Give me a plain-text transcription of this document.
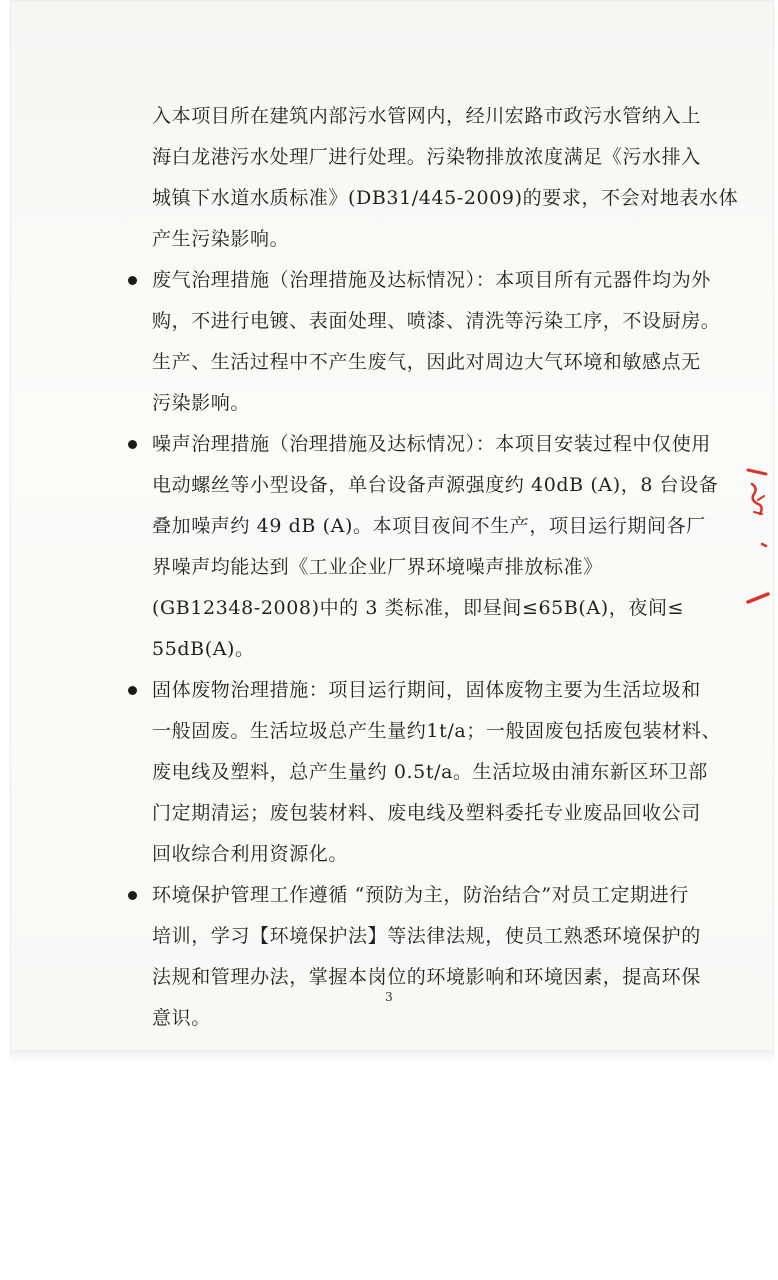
入本项目所在建筑内部污水管网内，经川宏路市政污水管纳入上
海白龙港污水处理厂进行处理。污染物排放浓度满足《污水排入
城镇下水道水质标准》(DB31/445-2009)的要求，不会对地表水体
产生污染影响。

废气治理措施（治理措施及达标情况）：本项目所有元器件均为外
购，不进行电镀、表面处理、喷漆、清洗等污染工序，不设厨房。
生产、生活过程中不产生废气，因此对周边大气环境和敏感点无
污染影响。
噪声治理措施（治理措施及达标情况）：本项目安装过程中仅使用
电动螺丝等小型设备，单台设备声源强度约 40dB (A)，8 台设备
叠加噪声约 49 dB (A)。本项目夜间不生产，项目运行期间各厂
界噪声均能达到《工业企业厂界环境噪声排放标准》
(GB12348-2008)中的 3 类标准，即昼间≤65B(A)，夜间≤
55dB(A)。
固体废物治理措施：项目运行期间，固体废物主要为生活垃圾和
一般固废。生活垃圾总产生量约1t/a；一般固废包括废包装材料、
废电线及塑料，总产生量约 0.5t/a。生活垃圾由浦东新区环卫部
门定期清运；废包装材料、废电线及塑料委托专业废品回收公司
回收综合利用资源化。
环境保护管理工作遵循 “预防为主，防治结合”对员工定期进行
培训，学习【环境保护法】等法律法规，使员工熟悉环境保护的
法规和管理办法，掌握本岗位的环境影响和环境因素，提高环保
意识。
3
